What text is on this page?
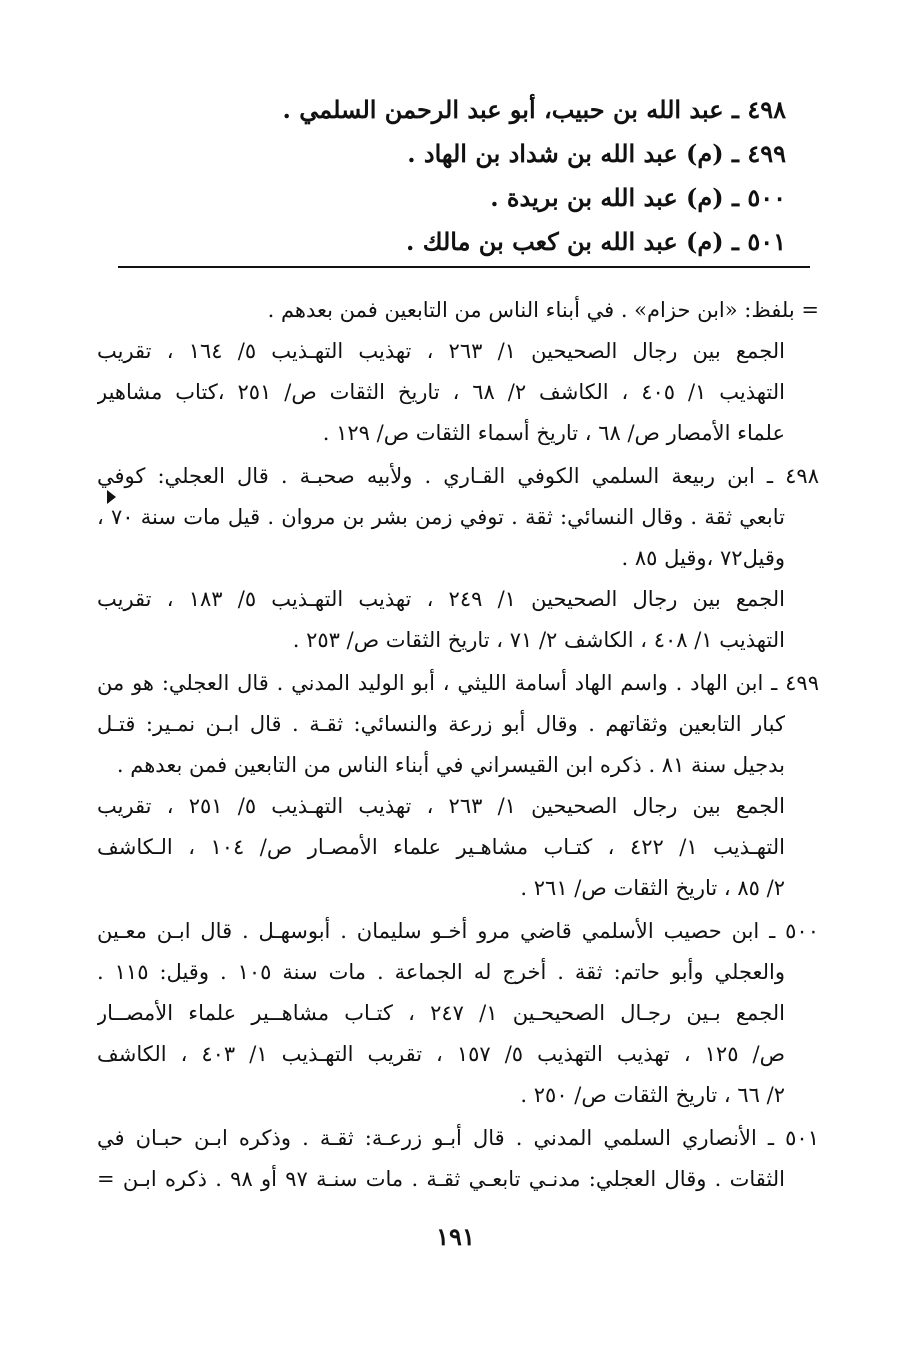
٤٩٨ ـ عبد الله بن حبيب، أبو عبد الرحمن السلمي .
٤٩٩ ـ (م) عبد الله بن شداد بن الهاد .
٥٠٠ ـ (م) عبد الله بن بريدة .
٥٠١ ـ (م) عبد الله بن كعب بن مالك .
= بلفظ: «ابن حزام» . في أبناء الناس من التابعين فمن بعدهم .
الجمع بين رجال الصحيحين ١/ ٢٦٣ ، تهذيب التهـذيب ٥/ ١٦٤ ، تقريب
التهذيب ١/ ٤٠٥ ، الكاشف ٢/ ٦٨ ، تاريخ الثقات ص/ ٢٥١ ،كتاب مشاهير
علماء الأمصار ص/ ٦٨ ، تاريخ أسماء الثقات ص/ ١٢٩ .
٤٩٨ ـ ابن ربيعة السلمي الكوفي القـاري . ولأبيه صحبـة . قال العجلي: كوفي
تابعي ثقة . وقال النسائي: ثقة . توفي زمن بشر بن مروان . قيل مات سنة ٧٠ ،
وقيل٧٢ ،وقيل ٨٥ .
الجمع بين رجال الصحيحين ١/ ٢٤٩ ، تهذيب التهـذيب ٥/ ١٨٣ ، تقريب
التهذيب ١/ ٤٠٨ ، الكاشف ٢/ ٧١ ، تاريخ الثقات ص/ ٢٥٣ .
٤٩٩ ـ ابن الهاد . واسم الهاد أسامة الليثي ، أبو الوليد المدني . قال العجلي: هو من
كبار التابعين وثقاتهم . وقال أبو زرعة والنسائي: ثقـة . قال ابـن نمـير: قتـل
بدجيل سنة ٨١ . ذكره ابن القيسراني في أبناء الناس من التابعين فمن بعدهم .
الجمع بين رجال الصحيحين ١/ ٢٦٣ ، تهذيب التهـذيب ٥/ ٢٥١ ، تقريب
التهـذيب ١/ ٤٢٢ ، كتـاب مشاهـير علماء الأمصـار ص/ ١٠٤ ، الـكاشف
٢/ ٨٥ ، تاريخ الثقات ص/ ٢٦١ .
٥٠٠ ـ ابن حصيب الأسلمي قاضي مرو أخـو سليمان . أبوسهـل . قال ابـن معـين
والعجلي وأبو حاتم: ثقة . أخرج له الجماعة . مات سنة ١٠٥ . وقيل: ١١٥ .
الجمع بـين رجـال الصحيحـين ١/ ٢٤٧ ، كتـاب مشاهــير علماء الأمصــار
ص/ ١٢٥ ، تهذيب التهذيب ٥/ ١٥٧ ، تقريب التهـذيب ١/ ٤٠٣ ، الكاشف
٢/ ٦٦ ، تاريخ الثقات ص/ ٢٥٠ .
٥٠١ ـ الأنصاري السلمي المدني . قال أبـو زرعـة: ثقـة . وذكره ابـن حبـان في
الثقات . وقال العجلي: مدنـي تابعـي ثقـة . مات سنـة ٩٧ أو ٩٨ . ذكره ابـن =
١٩١
